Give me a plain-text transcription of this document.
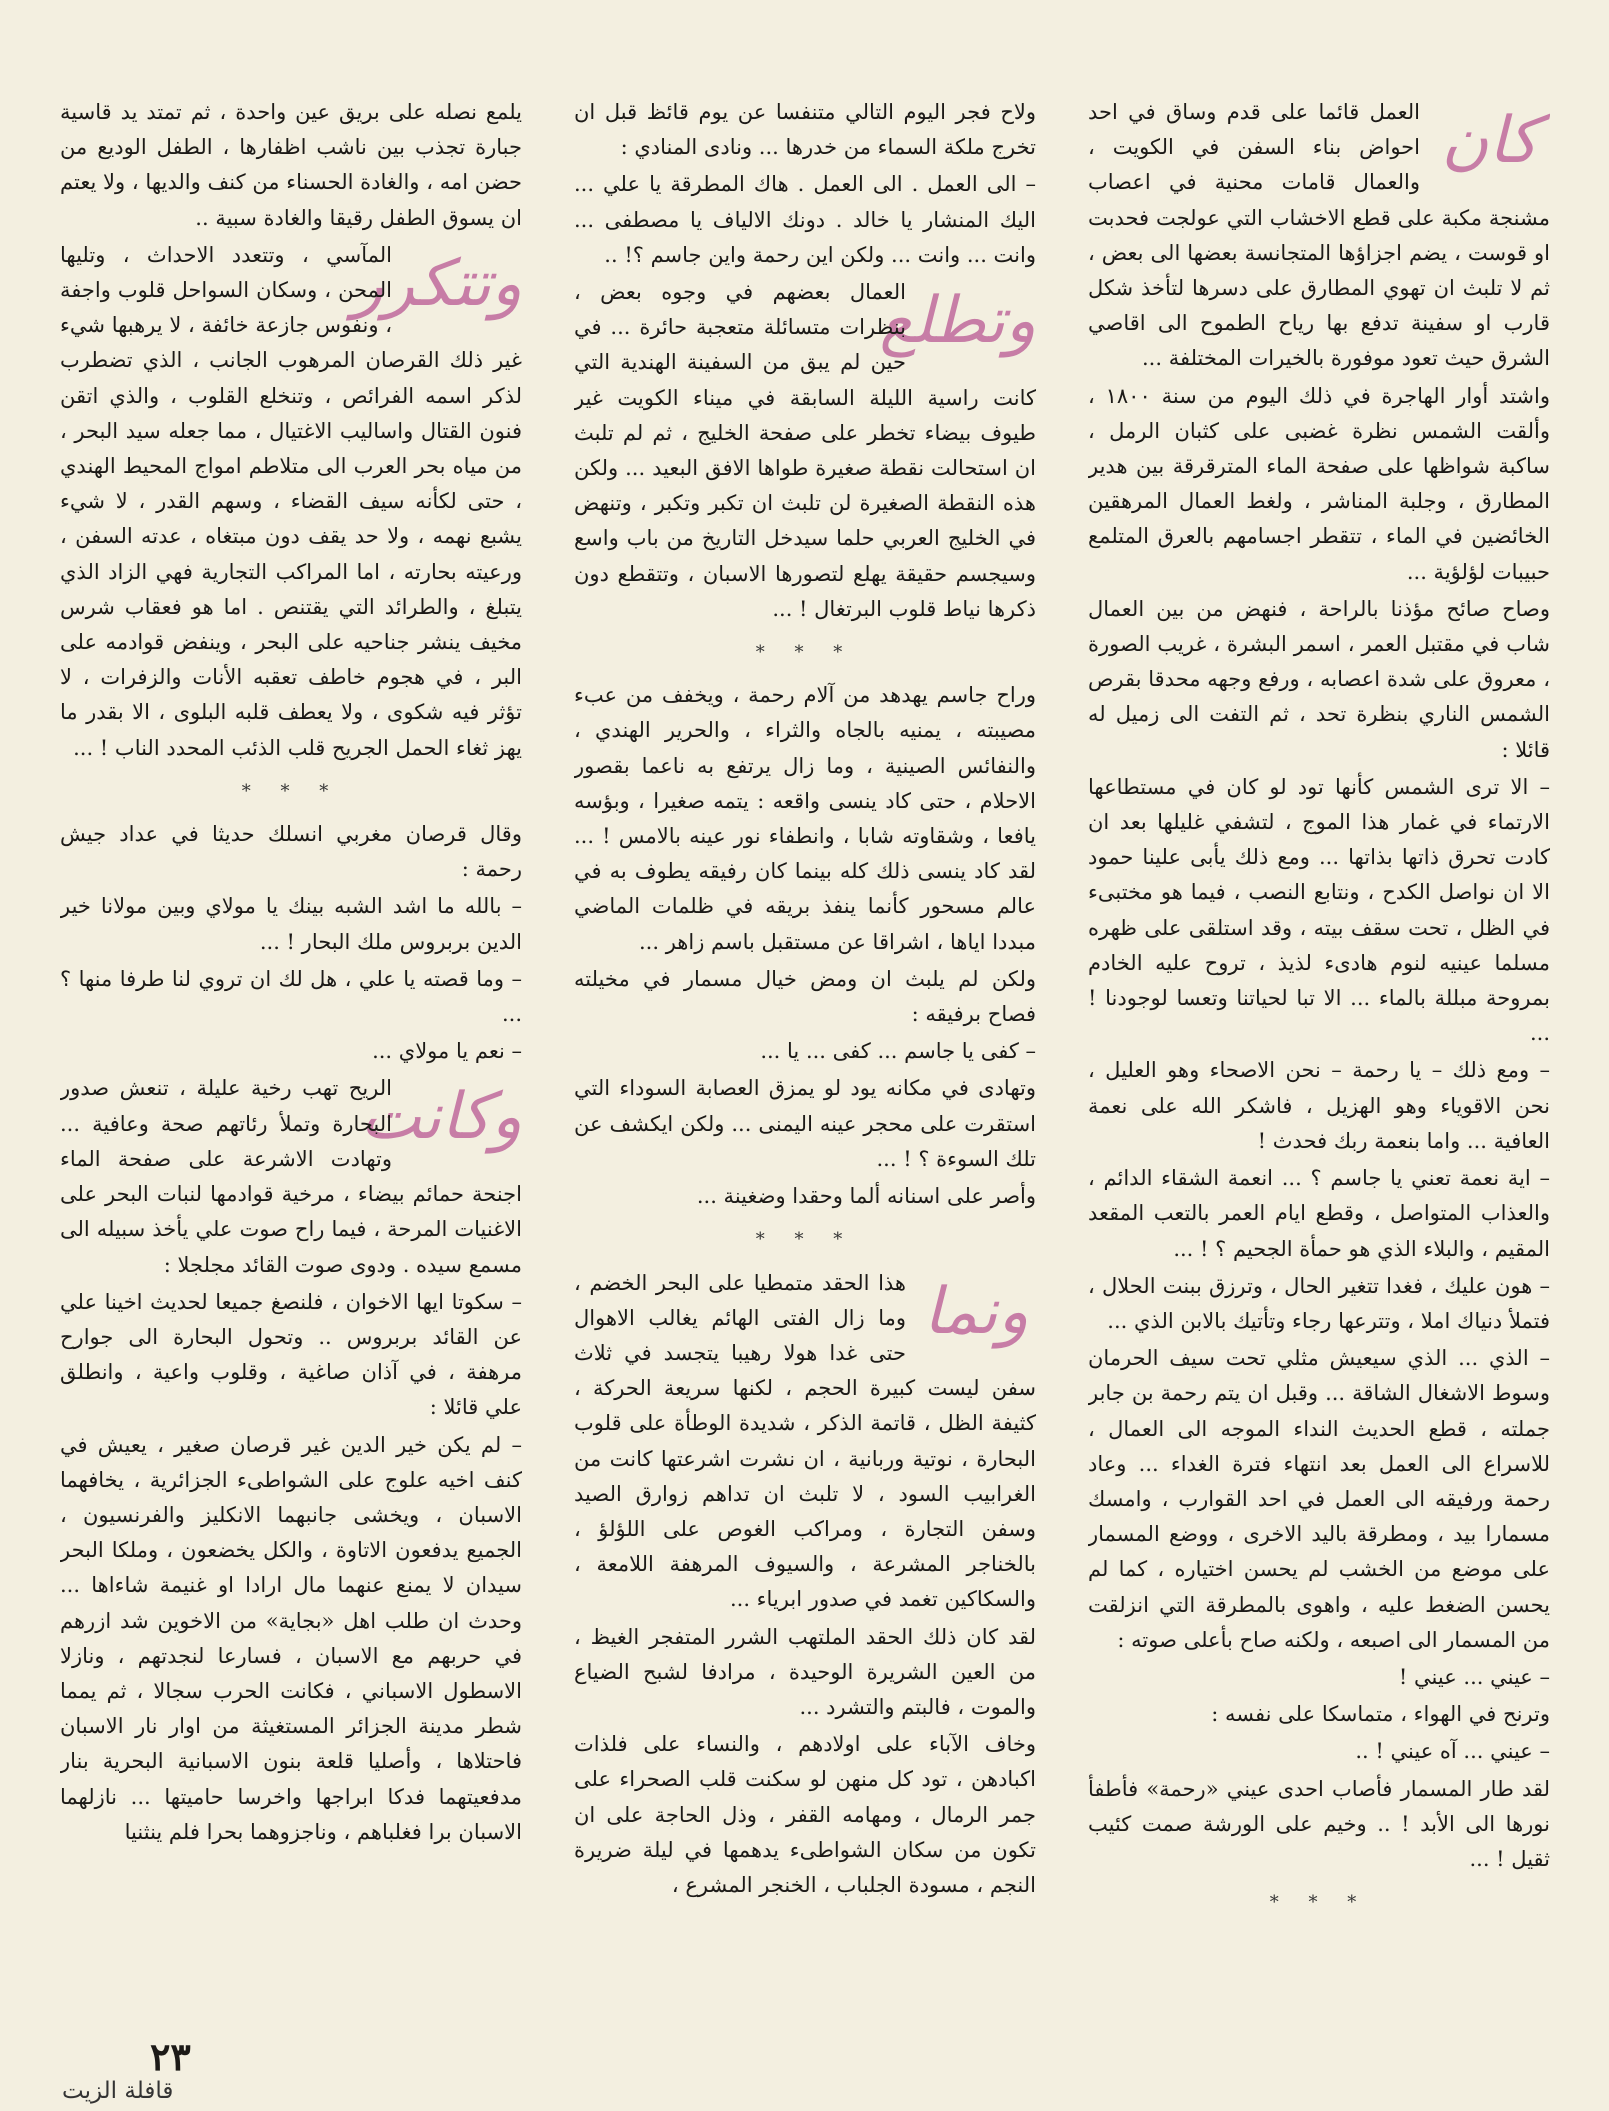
كان

العمل قائما على قدم وساق في احد احواض بناء السفن في الكويت ، والعمال قامات محنية في اعصاب مشنجة مكبة على قطع الاخشاب التي عولجت فحدبت او قوست ، يضم اجزاؤها المتجانسة بعضها الى بعض ، ثم لا تلبث ان تهوي المطارق على دسرها لتأخذ شكل قارب او سفينة تدفع بها رياح الطموح الى اقاصي الشرق حيث تعود موفورة بالخيرات المختلفة ...

واشتد أوار الهاجرة في ذلك اليوم من سنة ١٨٠٠ ، وألقت الشمس نظرة غضبى على كثبان الرمل ، ساكبة شواظها على صفحة الماء المترقرقة بين هدير المطارق ، وجلبة المناشر ، ولغط العمال المرهقين الخائضين في الماء ، تتقطر اجسامهم بالعرق المتلمع حبيبات لؤلؤية ...

وصاح صائح مؤذنا بالراحة ، فنهض من بين العمال شاب في مقتبل العمر ، اسمر البشرة ، غريب الصورة ، معروق على شدة اعصابه ، ورفع وجهه محدقا بقرص الشمس الناري بنظرة تحد ، ثم التفت الى زميل له قائلا :

– الا ترى الشمس كأنها تود لو كان في مستطاعها الارتماء في غمار هذا الموج ، لتشفي غليلها بعد ان كادت تحرق ذاتها بذاتها ... ومع ذلك يأبى علينا حمود الا ان نواصل الكدح ، ونتابع النصب ، فيما هو مختبىء في الظل ، تحت سقف بيته ، وقد استلقى على ظهره مسلما عينيه لنوم هادىء لذيذ ، تروح عليه الخادم بمروحة مبللة بالماء ... الا تبا لحياتنا وتعسا لوجودنا ! ...

– ومع ذلك – يا رحمة – نحن الاصحاء وهو العليل ، نحن الاقوياء وهو الهزيل ، فاشكر الله على نعمة العافية ... واما بنعمة ربك فحدث !

– اية نعمة تعني يا جاسم ؟ ... انعمة الشقاء الدائم ، والعذاب المتواصل ، وقطع ايام العمر بالتعب المقعد المقيم ، والبلاء الذي هو حمأة الجحيم ؟ ! ...

– هون عليك ، فغدا تتغير الحال ، وترزق ببنت الحلال ، فتملأ دنياك املا ، وتترعها رجاء وتأتيك بالابن الذي ...

– الذي ... الذي سيعيش مثلي تحت سيف الحرمان وسوط الاشغال الشاقة ... وقبل ان يتم رحمة بن جابر جملته ، قطع الحديث النداء الموجه الى العمال ، للاسراع الى العمل بعد انتهاء فترة الغداء ... وعاد رحمة ورفيقه الى العمل في احد القوارب ، وامسك مسمارا بيد ، ومطرقة باليد الاخرى ، ووضع المسمار على موضع من الخشب لم يحسن اختياره ، كما لم يحسن الضغط عليه ، واهوى بالمطرقة التي انزلقت من المسمار الى اصبعه ، ولكنه صاح بأعلى صوته :

– عيني ... عيني !

وترنح في الهواء ، متماسكا على نفسه :

– عيني ... آه عيني ! ..

لقد طار المسمار فأصاب احدى عيني «رحمة» فأطفأ نورها الى الأبد ! .. وخيم على الورشة صمت كئيب ثقيل ! ...

* * *

ولاح فجر اليوم التالي متنفسا عن يوم قائظ قبل ان تخرج ملكة السماء من خدرها ... ونادى المنادي :

– الى العمل . الى العمل . هاك المطرقة يا علي ... اليك المنشار يا خالد . دونك الالياف يا مصطفى ... وانت ... وانت ... ولكن اين رحمة واين جاسم ؟! ..

وتطلع

العمال بعضهم في وجوه بعض ، بنظرات متسائلة متعجبة حائرة ... في حين لم يبق من السفينة الهندية التي كانت راسية الليلة السابقة في ميناء الكويت غير طيوف بيضاء تخطر على صفحة الخليج ، ثم لم تلبث ان استحالت نقطة صغيرة طواها الافق البعيد ... ولكن هذه النقطة الصغيرة لن تلبث ان تكبر وتكبر ، وتنهض في الخليج العربي حلما سيدخل التاريخ من باب واسع وسيجسم حقيقة يهلع لتصورها الاسبان ، وتتقطع دون ذكرها نياط قلوب البرتغال ! ...

* * *

وراح جاسم يهدهد من آلام رحمة ، ويخفف من عبء مصيبته ، يمنيه بالجاه والثراء ، والحرير الهندي ، والنفائس الصينية ، وما زال يرتفع به ناعما بقصور الاحلام ، حتى كاد ينسى واقعه : يتمه صغيرا ، وبؤسه يافعا ، وشقاوته شابا ، وانطفاء نور عينه بالامس ! ... لقد كاد ينسى ذلك كله بينما كان رفيقه يطوف به في عالم مسحور كأنما ينفذ بريقه في ظلمات الماضي مبددا اياها ، اشراقا عن مستقبل باسم زاهر ...

ولكن لم يلبث ان ومض خيال مسمار في مخيلته فصاح برفيقه :

– كفى يا جاسم ... كفى ... يا ...

وتهادى في مكانه يود لو يمزق العصابة السوداء التي استقرت على محجر عينه اليمنى ... ولكن ايكشف عن تلك السوءة ؟ ! ...

وأصر على اسنانه ألما وحقدا وضغينة ...

* * *
ونما

هذا الحقد متمطيا على البحر الخضم ، وما زال الفتى الهائم يغالب الاهوال حتى غدا هولا رهيبا يتجسد في ثلاث سفن ليست كبيرة الحجم ، لكنها سريعة الحركة ، كثيفة الظل ، قاتمة الذكر ، شديدة الوطأة على قلوب البحارة ، نوتية وربانية ، ان نشرت اشرعتها كانت من الغرابيب السود ، لا تلبث ان تداهم زوارق الصيد وسفن التجارة ، ومراكب الغوص على اللؤلؤ ، بالخناجر المشرعة ، والسيوف المرهفة اللامعة ، والسكاكين تغمد في صدور ابرياء ...

لقد كان ذلك الحقد الملتهب الشرر المتفجر الغيظ ، من العين الشريرة الوحيدة ، مرادفا لشبح الضياع والموت ، فالبتم والتشرد ...

وخاف الآباء على اولادهم ، والنساء على فلذات اكبادهن ، تود كل منهن لو سكنت قلب الصحراء على جمر الرمال ، ومهامه القفر ، وذل الحاجة على ان تكون من سكان الشواطىء يدهمها في ليلة ضريرة النجم ، مسودة الجلباب ، الخنجر المشرع ،

يلمع نصله على بريق عين واحدة ، ثم تمتد يد قاسية جبارة تجذب بين ناشب اظفارها ، الطفل الوديع من حضن امه ، والغادة الحسناء من كنف والديها ، ولا يعتم ان يسوق الطفل رقيقا والغادة سبية ..

وتتكرر

المآسي ، وتتعدد الاحداث ، وتليها المحن ، وسكان السواحل قلوب واجفة ، ونفوس جازعة خائفة ، لا يرهبها شيء غير ذلك القرصان المرهوب الجانب ، الذي تضطرب لذكر اسمه الفرائص ، وتنخلع القلوب ، والذي اتقن فنون القتال واساليب الاغتيال ، مما جعله سيد البحر ، من مياه بحر العرب الى متلاطم امواج المحيط الهندي ، حتى لكأنه سيف القضاء ، وسهم القدر ، لا شيء يشبع نهمه ، ولا حد يقف دون مبتغاه ، عدته السفن ، ورعيته بحارته ، اما المراكب التجارية فهي الزاد الذي يتبلغ ، والطرائد التي يقتنص . اما هو فعقاب شرس مخيف ينشر جناحيه على البحر ، وينفض قوادمه على البر ، في هجوم خاطف تعقبه الأنات والزفرات ، لا تؤثر فيه شكوى ، ولا يعطف قلبه البلوى ، الا بقدر ما يهز ثغاء الحمل الجريح قلب الذئب المحدد الناب ! ...

* * *

وقال قرصان مغربي انسلك حديثا في عداد جيش رحمة :

– بالله ما اشد الشبه بينك يا مولاي وبين مولانا خير الدين بربروس ملك البحار ! ...

– وما قصته يا علي ، هل لك ان تروي لنا طرفا منها ؟ ...

– نعم يا مولاي ...

وكانت

الريح تهب رخية عليلة ، تنعش صدور البحارة وتملأ رئاتهم صحة وعافية ... وتهادت الاشرعة على صفحة الماء اجنحة حمائم بيضاء ، مرخية قوادمها لنبات البحر على الاغنيات المرحة ، فيما راح صوت علي يأخذ سبيله الى مسمع سيده . ودوى صوت القائد مجلجلا :

– سكوتا ايها الاخوان ، فلنصغ جميعا لحديث اخينا علي عن القائد بربروس .. وتحول البحارة الى جوارح مرهفة ، في آذان صاغية ، وقلوب واعية ، وانطلق علي قائلا :

– لم يكن خير الدين غير قرصان صغير ، يعيش في كنف اخيه علوج على الشواطىء الجزائرية ، يخافهما الاسبان ، ويخشى جانبهما الانكليز والفرنسيون ، الجميع يدفعون الاتاوة ، والكل يخضعون ، وملكا البحر سيدان لا يمنع عنهما مال ارادا او غنيمة شاءاها ... وحدث ان طلب اهل «بجاية» من الاخوين شد ازرهم في حربهم مع الاسبان ، فسارعا لنجدتهم ، ونازلا الاسطول الاسباني ، فكانت الحرب سجالا ، ثم يمما شطر مدينة الجزائر المستغيثة من اوار نار الاسبان فاحتلاها ، وأصليا قلعة بنون الاسبانية البحرية بنار مدفعيتهما فدكا ابراجها واخرسا حاميتها ... نازلهما الاسبان برا فغلباهم ، وناجزوهما بحرا فلم ينثنيا

٢٣
قافلة الزيت
